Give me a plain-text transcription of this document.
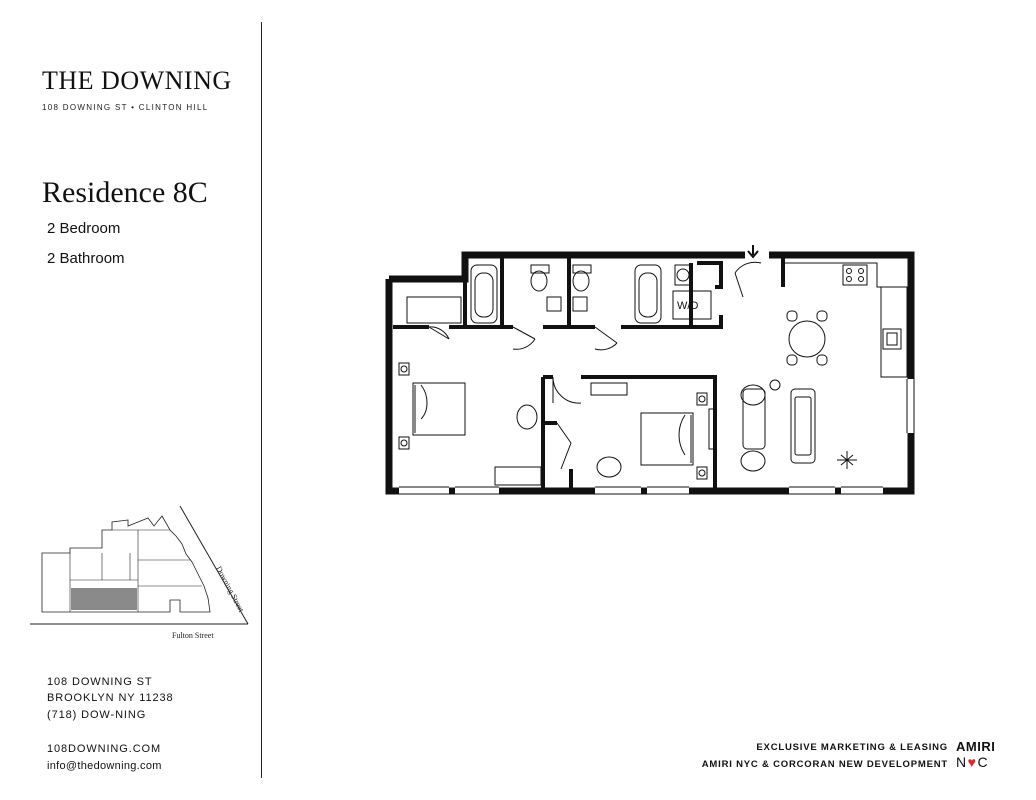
THE DOWNING
108 DOWNING ST • CLINTON HILL
Residence 8C
2 Bedroom
2 Bathroom
Downing Street
Fulton Street
108 DOWNING ST
BROOKLYN NY 11238
(718) DOW-NING
108DOWNING.COM
info@thedowning.com
W/D
EXCLUSIVE MARKETING & LEASING
AMIRI NYC & CORCORAN NEW DEVELOPMENT
AMIRI
N ♥ C
